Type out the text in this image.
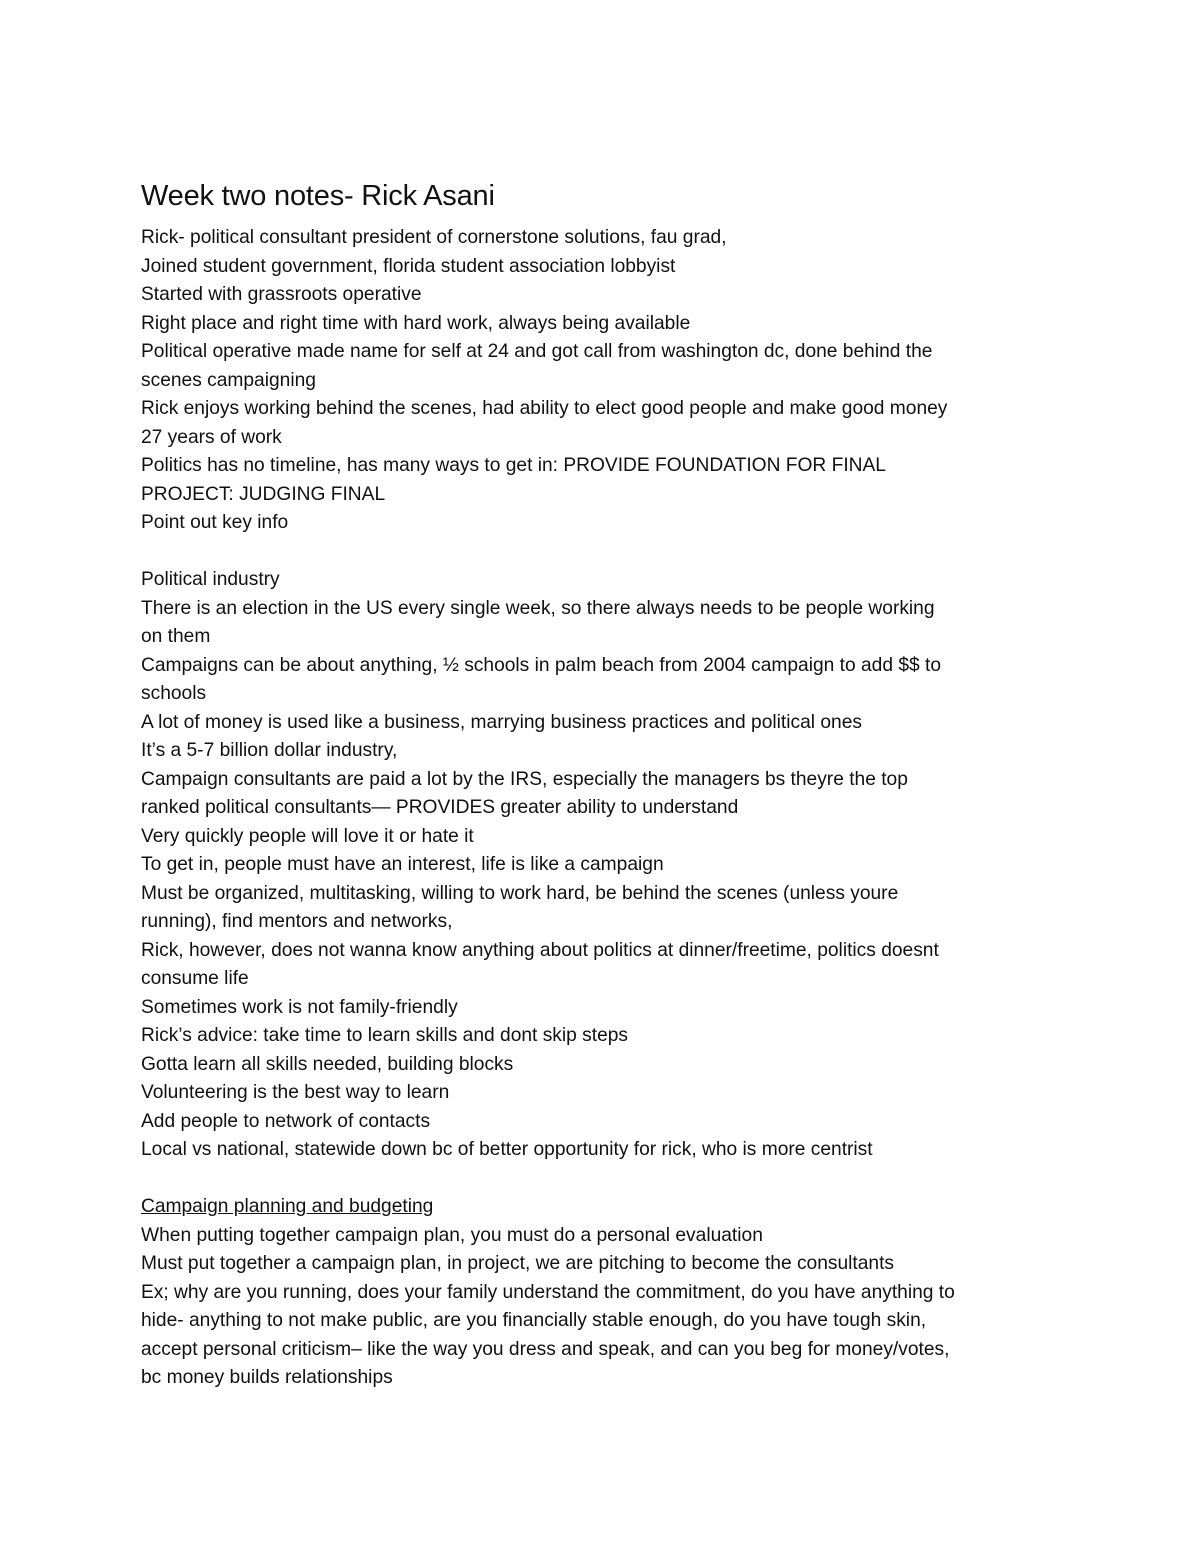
Week two notes- Rick Asani

Rick- political consultant president of cornerstone solutions, fau grad,

Joined student government, florida student association lobbyist

Started with grassroots operative

Right place and right time with hard work, always being available

Political operative made name for self at 24 and got call from washington dc, done behind the

scenes campaigning

Rick enjoys working behind the scenes, had ability to elect good people and make good money

27 years of work

Politics has no timeline, has many ways to get in: PROVIDE FOUNDATION FOR FINAL

PROJECT: JUDGING FINAL

Point out key info

Political industry

There is an election in the US every single week, so there always needs to be people working

on them

Campaigns can be about anything, ½ schools in palm beach from 2004 campaign to add $$ to

schools

A lot of money is used like a business, marrying business practices and political ones

It’s a 5-7 billion dollar industry,

Campaign consultants are paid a lot by the IRS, especially the managers bs theyre the top

ranked political consultants— PROVIDES greater ability to understand

Very quickly people will love it or hate it

To get in, people must have an interest, life is like a campaign

Must be organized, multitasking, willing to work hard, be behind the scenes (unless youre

running), find mentors and networks,

Rick, however, does not wanna know anything about politics at dinner/freetime, politics doesnt

consume life

Sometimes work is not family-friendly

Rick’s advice: take time to learn skills and dont skip steps

Gotta learn all skills needed, building blocks

Volunteering is the best way to learn

Add people to network of contacts

Local vs national, statewide down bc of better opportunity for rick, who is more centrist

Campaign planning and budgeting

When putting together campaign plan, you must do a personal evaluation

Must put together a campaign plan, in project, we are pitching to become the consultants

Ex; why are you running, does your family understand the commitment, do you have anything to

hide- anything to not make public, are you financially stable enough, do you have tough skin,

accept personal criticism– like the way you dress and speak, and can you beg for money/votes,

bc money builds relationships
